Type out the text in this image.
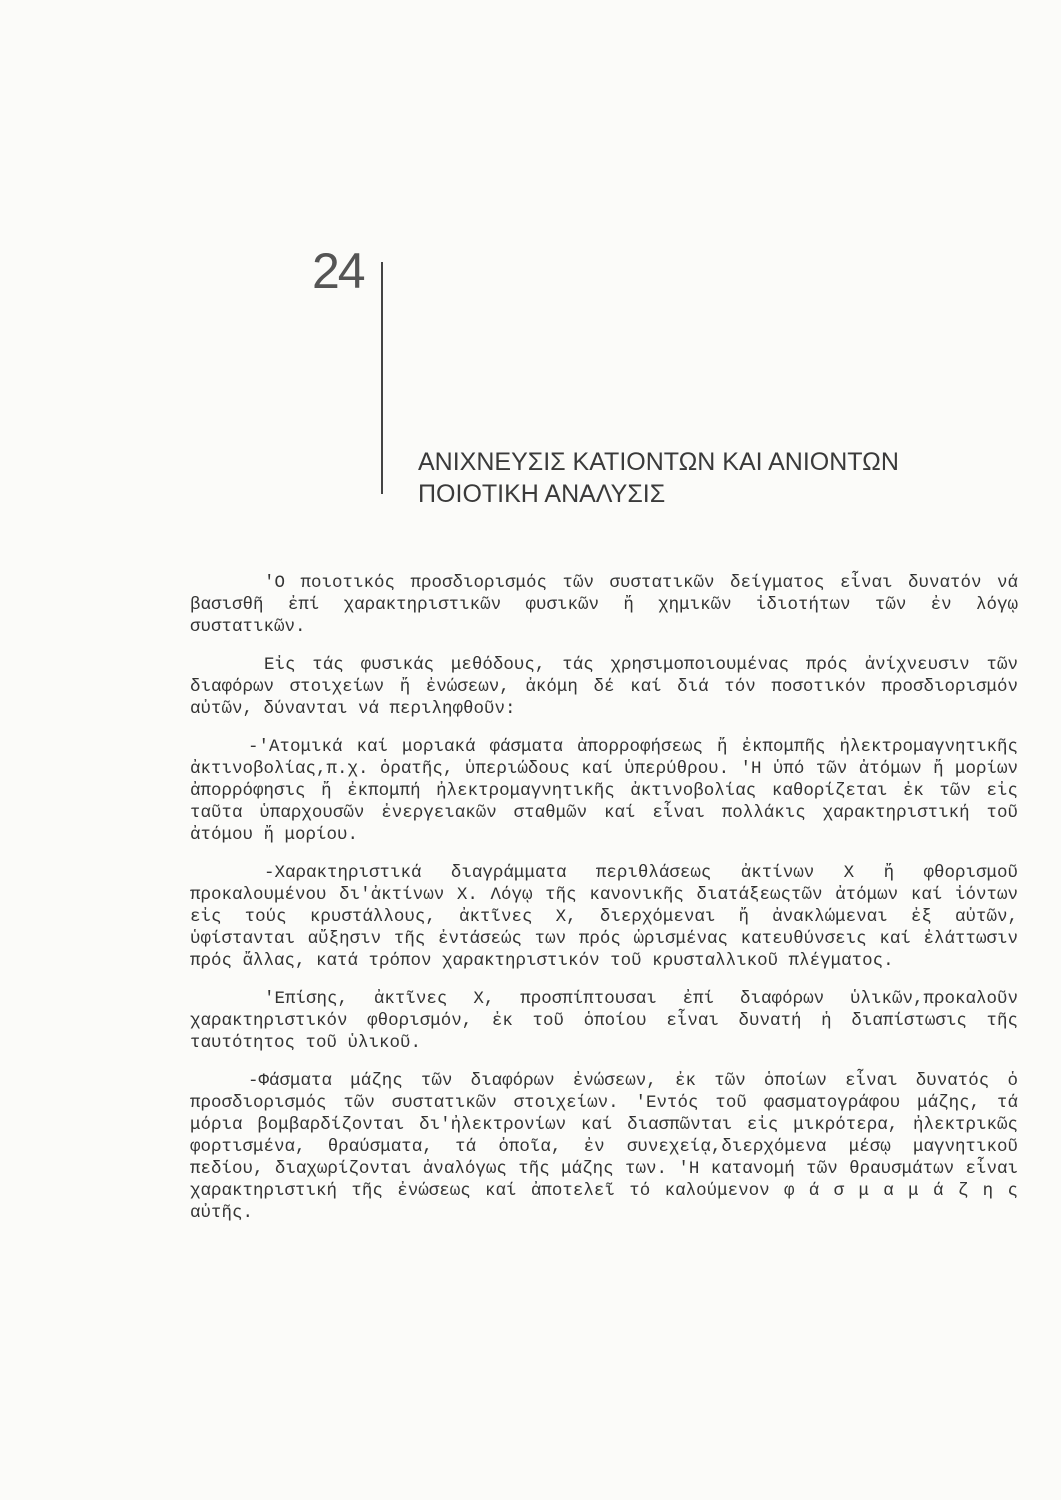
24
ΑΝΙΧΝΕΥΣΙΣ ΚΑΤΙΟΝΤΩΝ ΚΑΙ ΑΝΙΟΝΤΩΝ
ΠΟΙΟΤΙΚΗ ΑΝΑΛΥΣΙΣ

'Ο ποιοτικός προσδιορισμός τῶν συστατικῶν δείγματος εἶναι δυνατόν νά βασισθῆ ἐπί χαρακτηριστικῶν φυσικῶν ἤ χημικῶν ἰδιοτήτων τῶν ἐν λόγῳ συστατικῶν.

Εἰς τάς φυσικάς μεθόδους, τάς χρησιμοποιουμένας πρός ἀνίχνευσιν τῶν διαφόρων στοιχείων ἤ ἐνώσεων, ἀκόμη δέ καί διά τόν ποσοτικόν προσδιορισμόν αὐτῶν, δύνανται νά περιληφθοῦν:

-'Ατομικά καί μοριακά φάσματα ἀπορροφήσεως ἤ ἐκπομπῆς ἠλεκτρομαγνητικῆς ἀκτινοβολίας,π.χ. ὁρατῆς, ὑπεριώδους καί ὑπερύθρου. 'Η ὑπό τῶν ἀτόμων ἤ μορίων ἀπορρόφησις ἤ ἐκπομπή ἠλεκτρομαγνητικῆς ἀκτινοβολίας καθορίζεται ἐκ τῶν εἰς ταῦτα ὑπαρχουσῶν ἐνεργειακῶν σταθμῶν καί εἶναι πολλάκις χαρακτηριστική τοῦ ἀτόμου ἤ μορίου.

-Χαρακτηριστικά διαγράμματα περιθλάσεως ἀκτίνων Χ ἤ φθορισμοῦ προκαλουμένου δι'ἀκτίνων Χ. Λόγῳ τῆς κανονικῆς διατάξεωςτῶν ἀτόμων καί ἰόντων εἰς τούς κρυστάλλους, ἀκτῖνες Χ, διερχόμεναι ἤ ἀνακλώμεναι ἐξ αὐτῶν, ὑφίστανται αὔξησιν τῆς ἐντάσεώς των πρός ὡρισμένας κατευθύνσεις καί ἐλάττωσιν πρός ἄλλας, κατά τρόπον χαρακτηριστικόν τοῦ κρυσταλλικοῦ πλέγματος.

'Επίσης, ἀκτῖνες Χ, προσπίπτουσαι ἐπί διαφόρων ὑλικῶν,προκαλοῦν χαρακτηριστικόν φθορισμόν, ἐκ τοῦ ὁποίου εἶναι δυνατή ἡ διαπίστωσις τῆς ταυτότητος τοῦ ὑλικοῦ.

-Φάσματα μάζης τῶν διαφόρων ἐνώσεων, ἐκ τῶν ὁποίων εἶναι δυνατός ὁ προσδιορισμός τῶν συστατικῶν στοιχείων. 'Εντός τοῦ φασματογράφου μάζης, τά μόρια βομβαρδίζονται δι'ἠλεκτρονίων καί διασπῶνται εἰς μικρότερα, ἠλεκτρικῶς φορτισμένα, θραύσματα, τά ὁποῖα, ἐν συνεχείᾳ,διερχόμενα μέσῳ μαγνητικοῦ πεδίου, διαχωρίζονται ἀναλόγως τῆς μάζης των. 'Η κατανομή τῶν θραυσμάτων εἶναι χαρακτηριστική τῆς ἐνώσεως καί ἀποτελεῖ τό καλούμενον φ ά σ μ α μ ά ζ η ς αὐτῆς.
